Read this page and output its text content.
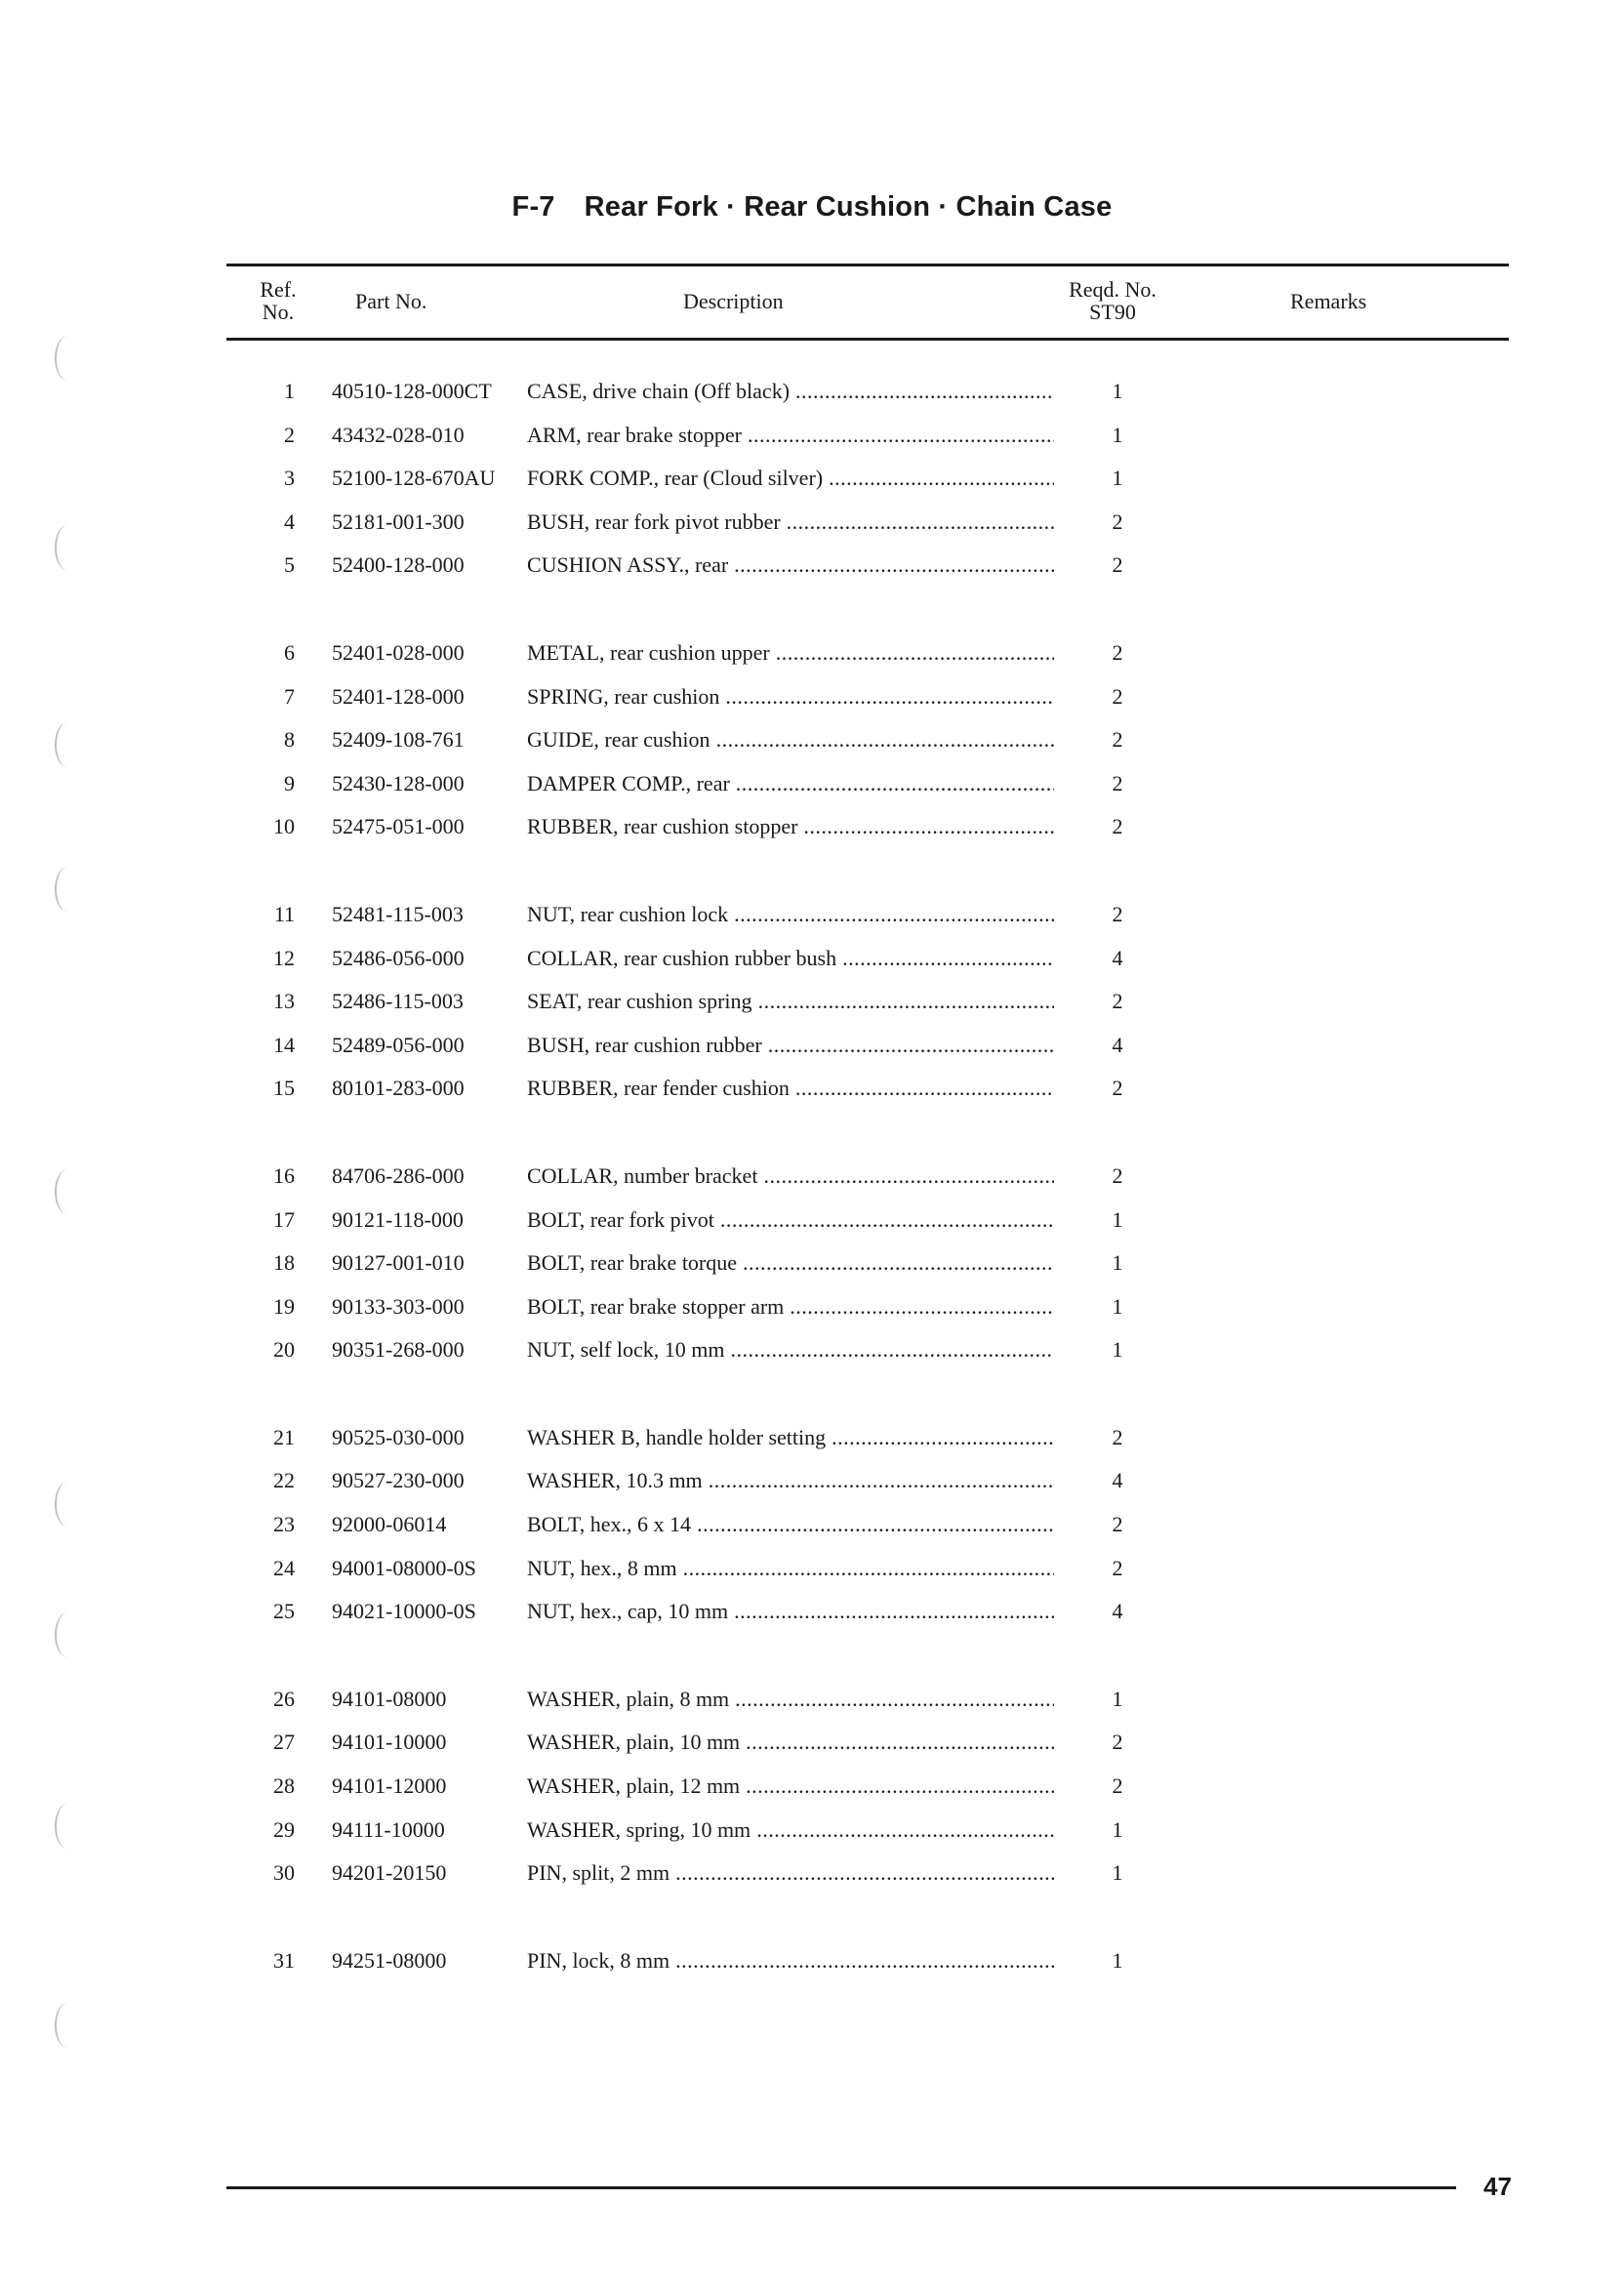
F-7 Rear Fork · Rear Cushion · Chain Case
Ref.
No.	Part No.	Description	Reqd. No.
ST90	Remarks
1 40510-128-000CT CASE, drive chain (Off black) .....	1
2 43432-028-010	ARM, rear brake stopper .....	1
3 52100-128-670AU FORK COMP., rear (Cloud silver) .....	1
4 52181-001-300	BUSH, rear fork pivot rubber .....	2
5 52400-128-000	CUSHION ASSY., rear .....	2
6 52401-028-000	METAL, rear cushion upper .....	2
7 52401-128-000	SPRING, rear cushion .....	2
8 52409-108-761	GUIDE, rear cushion .....	2
9 52430-128-000	DAMPER COMP., rear .....	2
10 52475-051-000	RUBBER, rear cushion stopper .....	2
11 52481-115-003	NUT, rear cushion lock .....	2
12 52486-056-000	COLLAR, rear cushion rubber bush .....	4
13 52486-115-003	SEAT, rear cushion spring .....	2
14 52489-056-000	BUSH, rear cushion rubber .....	4
15 80101-283-000	RUBBER, rear fender cushion .....	2
16 84706-286-000	COLLAR, number bracket .....	2
17 90121-118-000	BOLT, rear fork pivot .....	1
18 90127-001-010	BOLT, rear brake torque .....	1
19 90133-303-000	BOLT, rear brake stopper arm .....	1
20 90351-268-000	NUT, self lock, 10 mm .....	1
21 90525-030-000	WASHER B, handle holder setting .....	2
22 90527-230-000	WASHER, 10.3 mm .....	4
23 92000-06014	BOLT, hex., 6 x 14 .....	2
24 94001-08000-0S NUT, hex., 8 mm .....	2
25 94021-10000-0S NUT, hex., cap, 10 mm .....	4
26 94101-08000	WASHER, plain, 8 mm .....	1
27 94101-10000	WASHER, plain, 10 mm .....	2
28 94101-12000	WASHER, plain, 12 mm .....	2
29 94111-10000	WASHER, spring, 10 mm .....	1
30 94201-20150	PIN, split, 2 mm .....	1
31 94251-08000	PIN, lock, 8 mm .....	1
47
